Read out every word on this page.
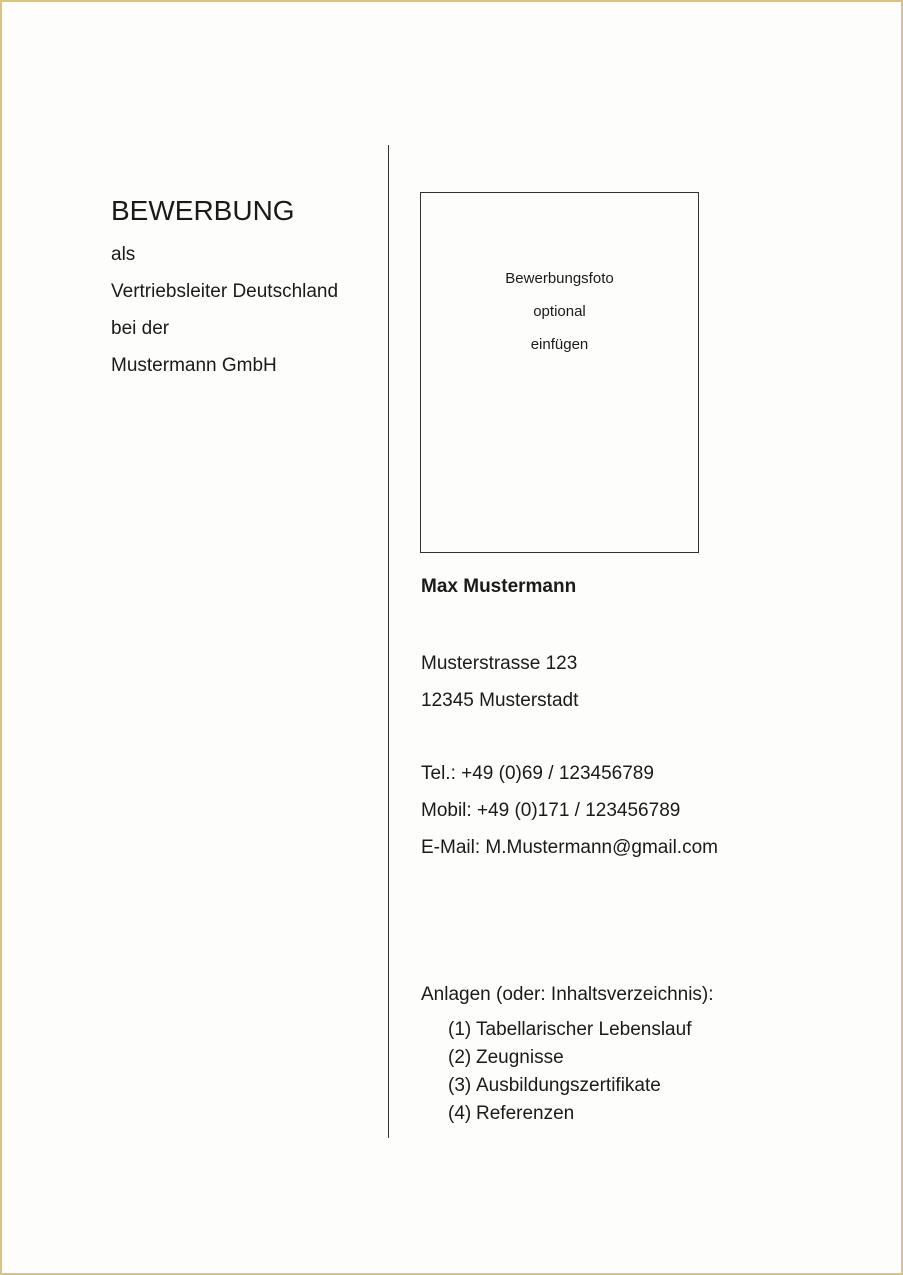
BEWERBUNG
als
Vertriebsleiter Deutschland
bei der
Mustermann GmbH
Bewerbungsfoto
optional
einfügen
Max Mustermann
Musterstrasse 123
12345 Musterstadt
Tel.: +49 (0)69 / 123456789
Mobil: +49 (0)171 / 123456789
E-Mail: M.Mustermann@gmail.com
Anlagen (oder: Inhaltsverzeichnis):
(1) Tabellarischer Lebenslauf
(2) Zeugnisse
(3) Ausbildungszertifikate
(4) Referenzen
